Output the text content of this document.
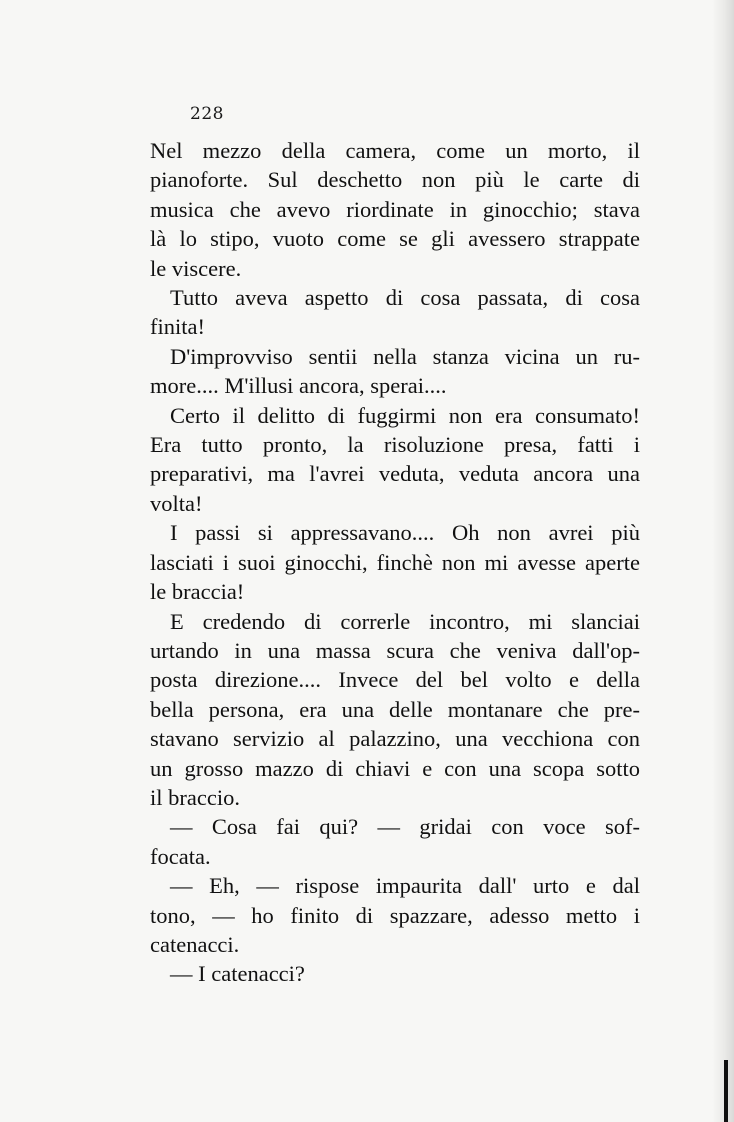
228

Nel mezzo della camera, come un morto, il
pianoforte. Sul deschetto non più le carte di
musica che avevo riordinate in ginocchio; stava
là lo stipo, vuoto come se gli avessero strappate
le viscere.

Tutto aveva aspetto di cosa passata, di cosa
finita!

D'improvviso sentii nella stanza vicina un ru-
more.... M'illusi ancora, sperai....

Certo il delitto di fuggirmi non era consumato!
Era tutto pronto, la risoluzione presa, fatti i
preparativi, ma l'avrei veduta, veduta ancora una
volta!

I passi si appressavano.... Oh non avrei più
lasciati i suoi ginocchi, finchè non mi avesse aperte
le braccia!

E credendo di correrle incontro, mi slanciai
urtando in una massa scura che veniva dall'op-
posta direzione.... Invece del bel volto e della
bella persona, era una delle montanare che pre-
stavano servizio al palazzino, una vecchiona con
un grosso mazzo di chiavi e con una scopa sotto
il braccio.

— Cosa fai qui? — gridai con voce sof-
focata.

— Eh, — rispose impaurita dall' urto e dal
tono, — ho finito di spazzare, adesso metto i
catenacci.

— I catenacci?
